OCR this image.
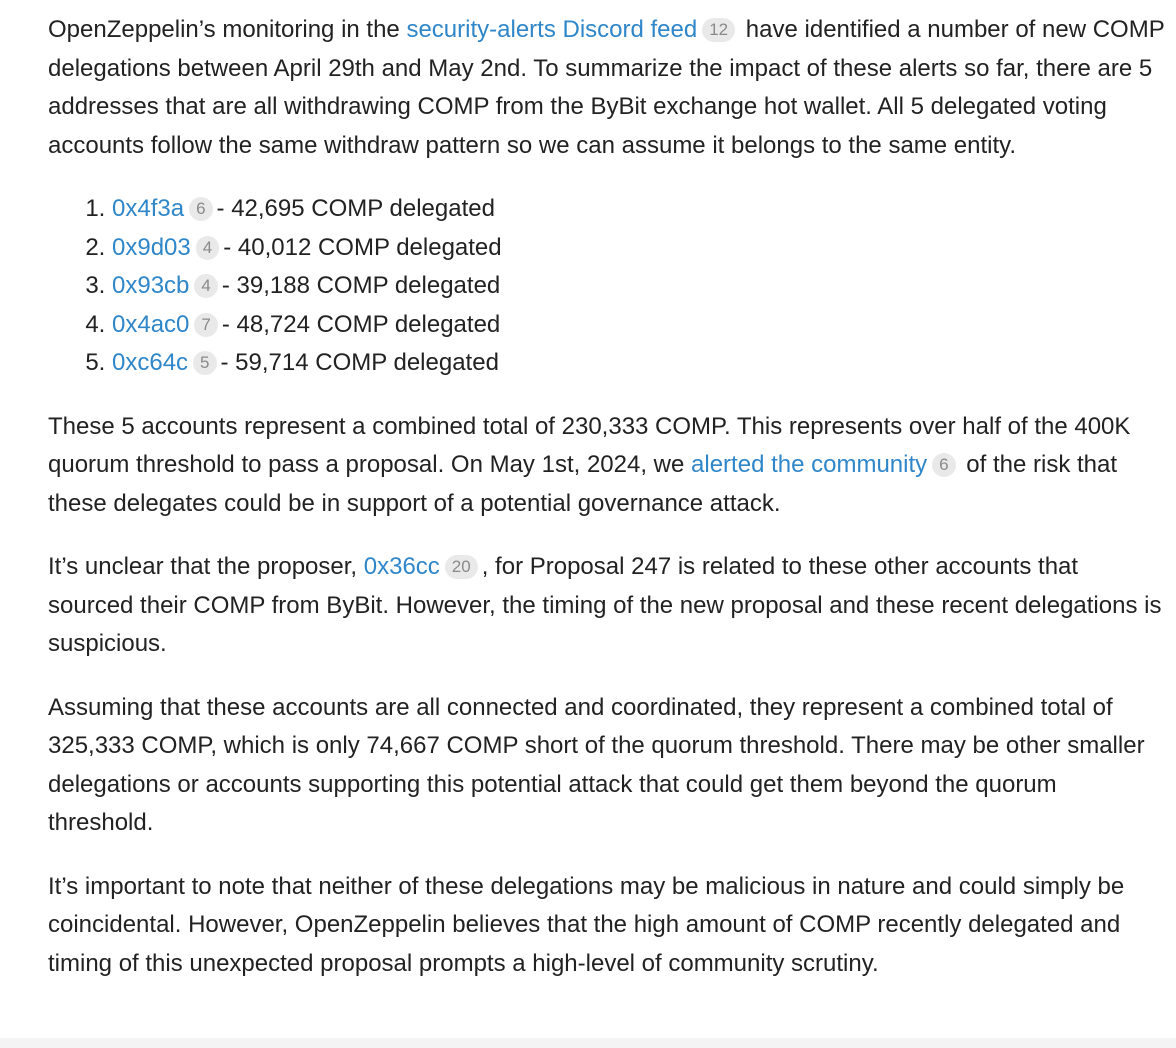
OpenZeppelin’s monitoring in the security-alerts Discord feed 12 have identified a number of new COMP delegations between April 29th and May 2nd. To summarize the impact of these alerts so far, there are 5 addresses that are all withdrawing COMP from the ByBit exchange hot wallet. All 5 delegated voting accounts follow the same withdraw pattern so we can assume it belongs to the same entity.

1. 0x4f3a 6 - 42,695 COMP delegated
2. 0x9d03 4 - 40,012 COMP delegated
3. 0x93cb 4 - 39,188 COMP delegated
4. 0x4ac0 7 - 48,724 COMP delegated
5. 0xc64c 5 - 59,714 COMP delegated

These 5 accounts represent a combined total of 230,333 COMP. This represents over half of the 400K quorum threshold to pass a proposal. On May 1st, 2024, we alerted the community 6 of the risk that these delegates could be in support of a potential governance attack.

It’s unclear that the proposer, 0x36cc 20 , for Proposal 247 is related to these other accounts that sourced their COMP from ByBit. However, the timing of the new proposal and these recent delegations is suspicious.

Assuming that these accounts are all connected and coordinated, they represent a combined total of 325,333 COMP, which is only 74,667 COMP short of the quorum threshold. There may be other smaller delegations or accounts supporting this potential attack that could get them beyond the quorum threshold.

It’s important to note that neither of these delegations may be malicious in nature and could simply be coincidental. However, OpenZeppelin believes that the high amount of COMP recently delegated and timing of this unexpected proposal prompts a high-level of community scrutiny.
